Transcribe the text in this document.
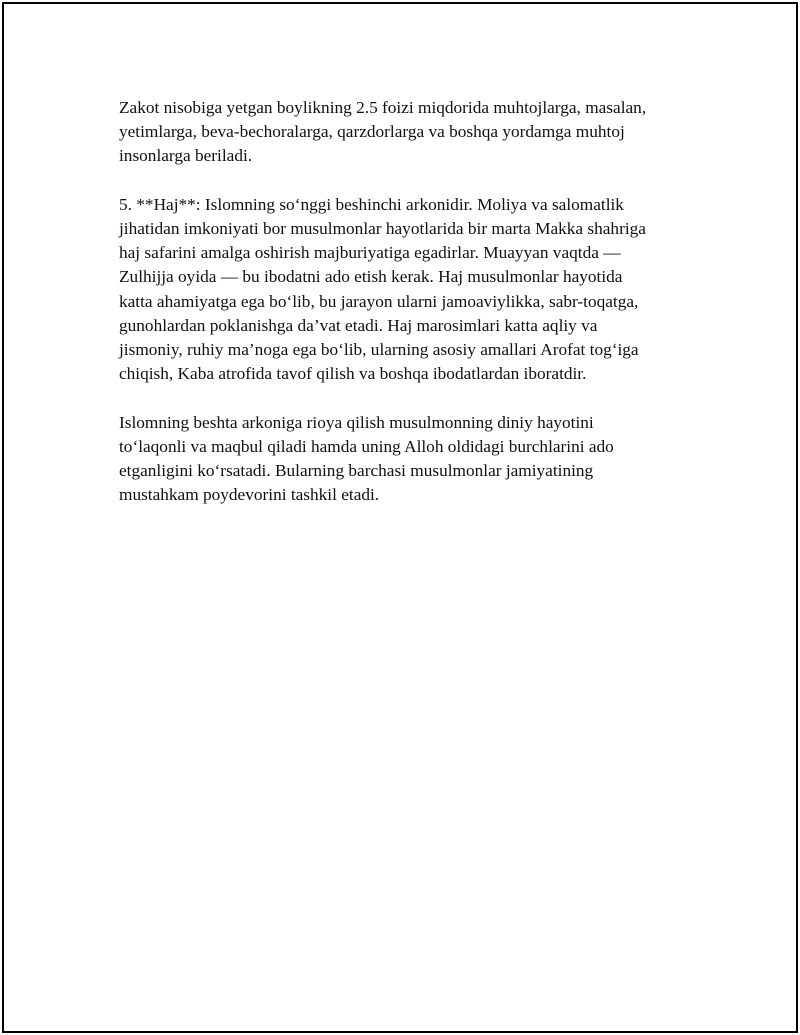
Zakot nisobiga yetgan boylikning 2.5 foizi miqdorida muhtojlarga, masalan,
yetimlarga, beva-bechoralarga, qarzdorlarga va boshqa yordamga muhtoj
insonlarga beriladi.

5. **Haj**: Islomning so‘nggi beshinchi arkonidir. Moliya va salomatlik
jihatidan imkoniyati bor musulmonlar hayotlarida bir marta Makka shahriga
haj safarini amalga oshirish majburiyatiga egadirlar. Muayyan vaqtda —
Zulhijja oyida — bu ibodatni ado etish kerak. Haj musulmonlar hayotida
katta ahamiyatga ega bo‘lib, bu jarayon ularni jamoaviylikka, sabr-toqatga,
gunohlardan poklanishga da’vat etadi. Haj marosimlari katta aqliy va
jismoniy, ruhiy ma’noga ega bo‘lib, ularning asosiy amallari Arofat tog‘iga
chiqish, Kaba atrofida tavof qilish va boshqa ibodatlardan iboratdir.

Islomning beshta arkoniga rioya qilish musulmonning diniy hayotini
to‘laqonli va maqbul qiladi hamda uning Alloh oldidagi burchlarini ado
etganligini ko‘rsatadi. Bularning barchasi musulmonlar jamiyatining
mustahkam poydevorini tashkil etadi.
